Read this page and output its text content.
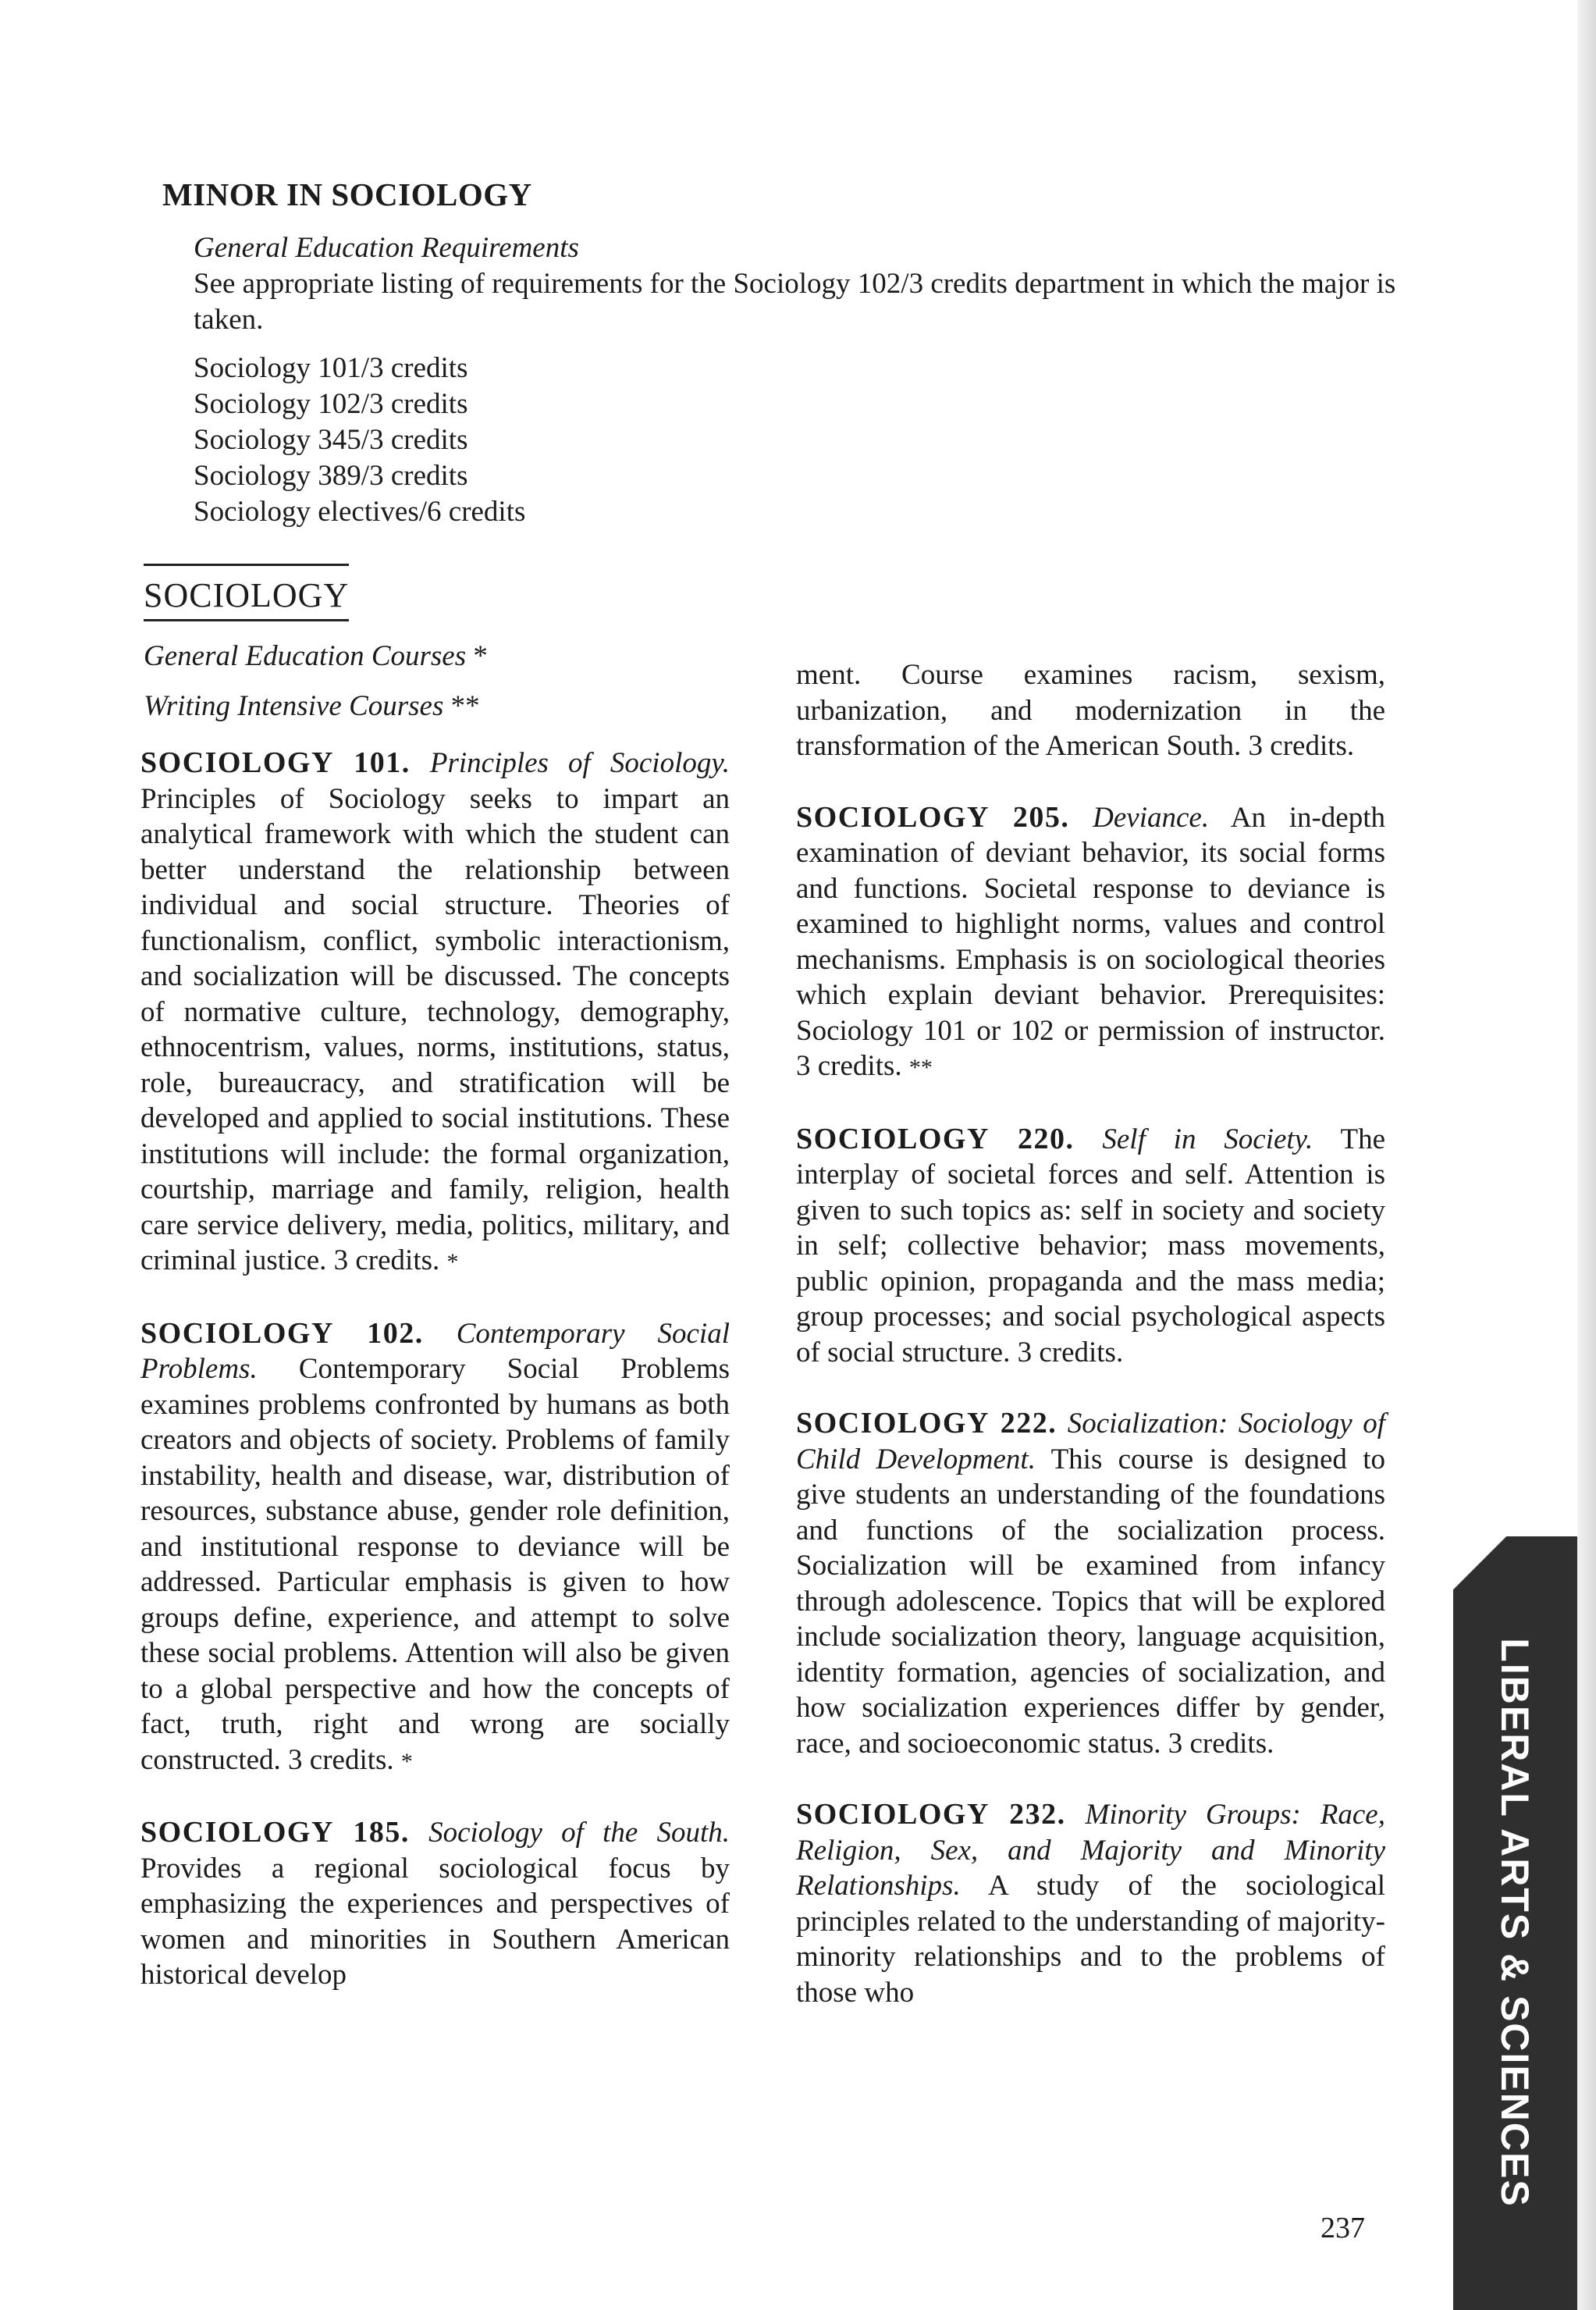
MINOR IN SOCIOLOGY
General Education Requirements
See appropriate listing of requirements for the Sociology 102/3 credits department in which the major is taken.
Sociology 101/3 credits
Sociology 102/3 credits
Sociology 345/3 credits
Sociology 389/3 credits
Sociology electives/6 credits
SOCIOLOGY
General Education Courses *
Writing Intensive Courses **

SOCIOLOGY 101. Principles of Sociology. Principles of Sociology seeks to impart an analytical framework with which the student can better understand the relationship between individual and social structure. Theories of functionalism, conflict, symbolic interactionism, and socialization will be discussed. The concepts of normative culture, technology, demography, ethnocentrism, values, norms, institutions, status, role, bureaucracy, and stratification will be developed and applied to social institutions. These institutions will include: the formal organization, courtship, marriage and family, religion, health care service delivery, media, politics, military, and criminal justice. 3 credits. *

SOCIOLOGY 102. Contemporary Social Problems. Contemporary Social Problems examines problems confronted by humans as both creators and objects of society. Problems of family instability, health and disease, war, distribution of resources, substance abuse, gender role definition, and institutional response to deviance will be addressed. Particular emphasis is given to how groups define, experience, and attempt to solve these social problems. Attention will also be given to a global perspective and how the concepts of fact, truth, right and wrong are socially constructed. 3 credits. *

SOCIOLOGY 185. Sociology of the South. Provides a regional sociological focus by emphasizing the experiences and perspectives of women and minorities in Southern American historical develop

ment. Course examines racism, sexism, urbanization, and modernization in the transformation of the American South. 3 credits.

SOCIOLOGY 205. Deviance. An in-depth examination of deviant behavior, its social forms and functions. Societal response to deviance is examined to highlight norms, values and control mechanisms. Emphasis is on sociological theories which explain deviant behavior. Prerequisites: Sociology 101 or 102 or permission of instructor. 3 credits. **

SOCIOLOGY 220. Self in Society. The interplay of societal forces and self. Attention is given to such topics as: self in society and society in self; collective behavior; mass movements, public opinion, propaganda and the mass media; group processes; and social psychological aspects of social structure. 3 credits.

SOCIOLOGY 222. Socialization: Sociology of Child Development. This course is designed to give students an understanding of the foundations and functions of the socialization process. Socialization will be examined from infancy through adolescence. Topics that will be explored include socialization theory, language acquisition, identity formation, agencies of socialization, and how socialization experiences differ by gender, race, and socioeconomic status. 3 credits.

SOCIOLOGY 232. Minority Groups: Race, Religion, Sex, and Majority and Minority Relationships. A study of the sociological principles related to the understanding of majority-minority relationships and to the problems of those who	LIBERAL ARTS & SCIENCES
237
